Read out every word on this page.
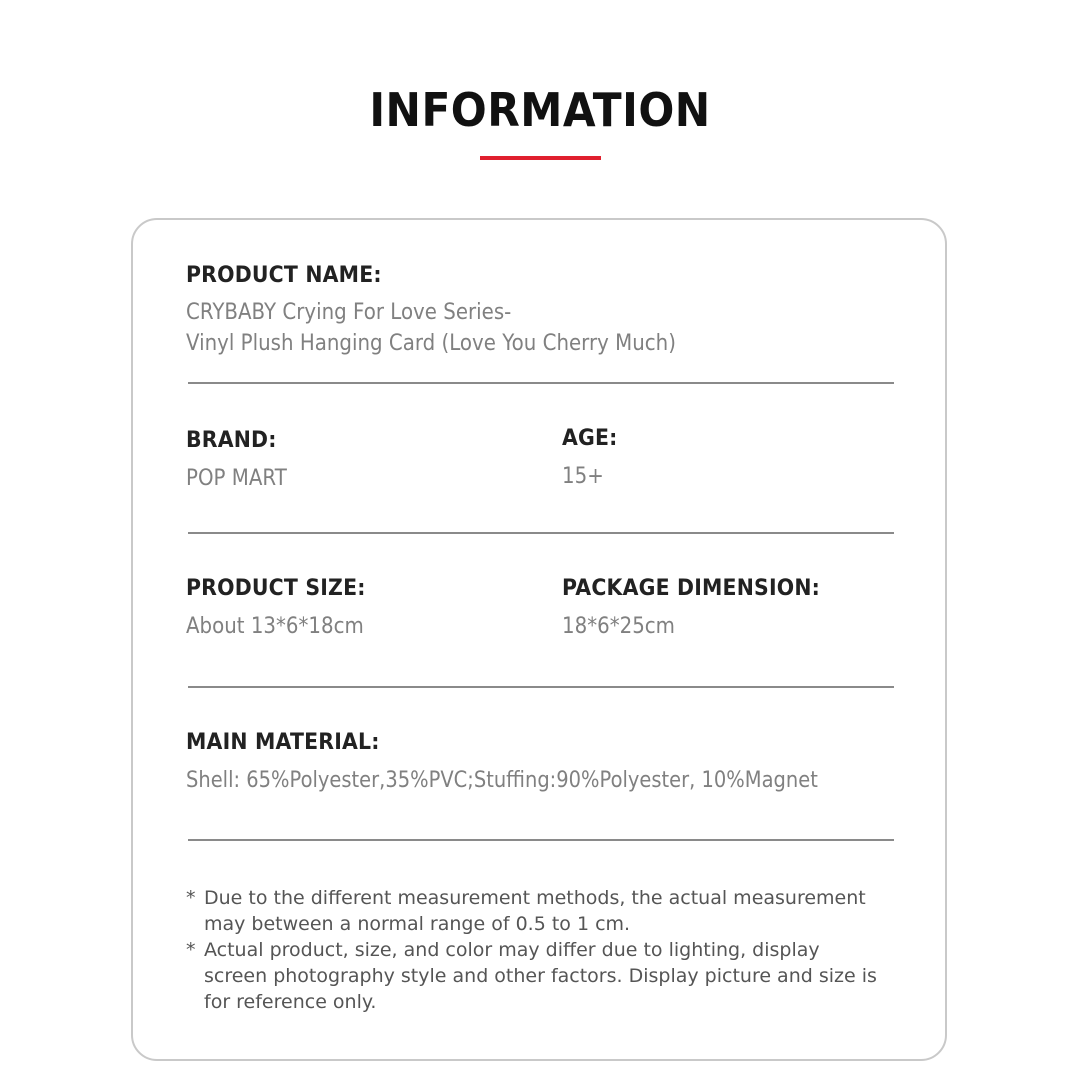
INFORMATION
PRODUCT NAME:
CRYBABY Crying For Love Series-
Vinyl Plush Hanging Card (Love You Cherry Much)
BRAND:
POP MART
AGE:
15+
PRODUCT SIZE:
About 13*6*18cm
PACKAGE DIMENSION:
18*6*25cm
MAIN MATERIAL:
Shell: 65%Polyester,35%PVC;Stuffing:90%Polyester, 10%Magnet
* Due to the different measurement methods, the actual measurement
may between a normal range of 0.5 to 1 cm.
* Actual product, size, and color may differ due to lighting, display
screen photography style and other factors. Display picture and size is
for reference only.
